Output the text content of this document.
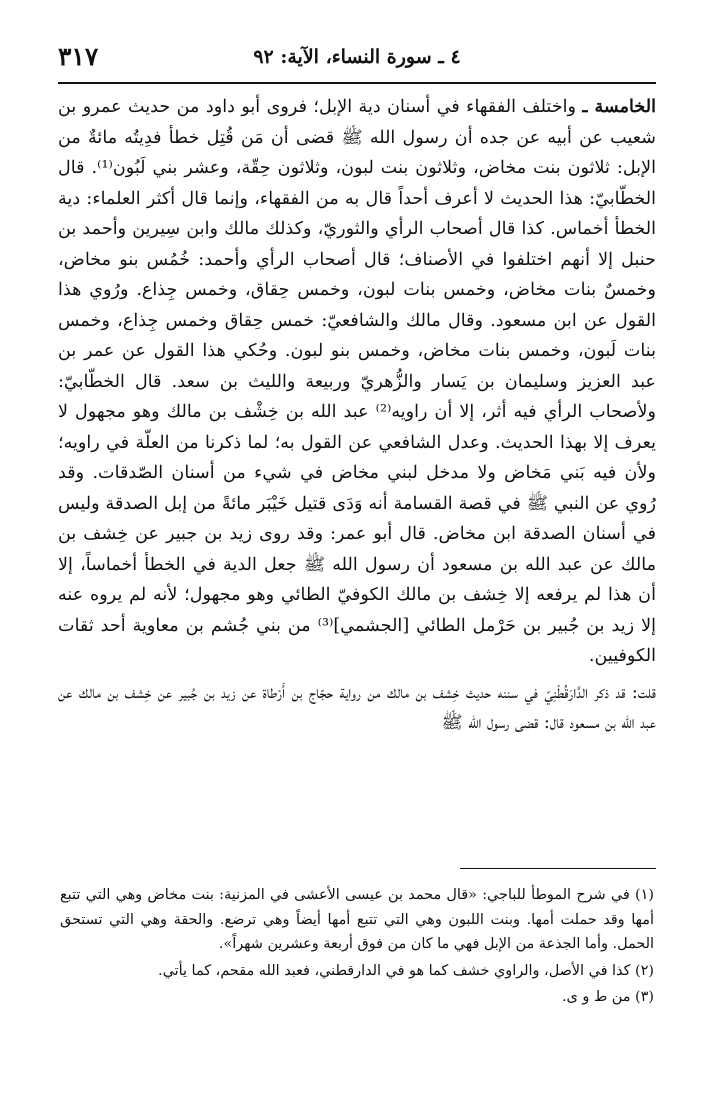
٣١٧	٤ ـ سورة النساء، الآية: ٩٢

الخامسة ـ واختلف الفقهاء في أسنان دية الإبل؛ فروى أبو داود من حديث عمرو بن شعيب عن أبيه عن جده أن رسول الله ﷺ قضى أن مَن قُتِل خطأ فدِيتُه مائةٌ من الإبل: ثلاثون بنت مخاض، وثلاثون بنت لبون، وثلاثون حِقّة، وعشر بني لَبُون⁽¹⁾. قال الخطّابيّ: هذا الحديث لا أعرف أحداً قال به من الفقهاء، وإنما قال أكثر العلماء: دية الخطأ أخماس. كذا قال أصحاب الرأي والثوريّ، وكذلك مالك وابن سِيرين وأحمد بن حنبل إلا أنهم اختلفوا في الأصناف؛ قال أصحاب الرأي وأحمد: خُمُس بنو مخاض، وخمسٌ بنات مخاض، وخمس بنات لبون، وخمس حِقاق، وخمس جِذاع. ورُوي هذا القول عن ابن مسعود. وقال مالك والشافعيّ: خمس حِقاق وخمس جِذاع، وخمس بنات لَبون، وخمس بنات مخاض، وخمس بنو لبون. وحُكي هذا القول عن عمر بن عبد العزيز وسليمان بن يَسار والزُّهريّ وربيعة والليث بن سعد. قال الخطّابيّ: ولأصحاب الرأي فيه أثر، إلا أن راويه⁽²⁾ عبد الله بن خِشْف بن مالك وهو مجهول لا يعرف إلا بهذا الحديث. وعدل الشافعي عن القول به؛ لما ذكرنا من العلّة في راويه؛ ولأن فيه بَني مَخاض ولا مدخل لبني مخاض في شيء من أسنان الصّدقات. وقد رُوي عن النبي ﷺ في قصة القسامة أنه وَدَى قتيل خَيْبَر مائةً من إبل الصدقة وليس في أسنان الصدقة ابن مخاض. قال أبو عمر: وقد روى زيد بن جبير عن خِشف بن مالك عن عبد الله بن مسعود أن رسول الله ﷺ جعل الدية في الخطأ أخماساً، إلا أن هذا لم يرفعه إلا خِشف بن مالك الكوفيّ الطائي وهو مجهول؛ لأنه لم يروه عنه إلا زيد بن جُبير بن حَرْمل الطائي [الجشمي]⁽³⁾ من بني جُشم بن معاوية أحد ثقات الكوفيين.

قلت: قد ذكر الدَّارَقُطْنِيّ في سننه حديث خِشف بن مالك من رواية حجّاج بن أَرْطاة عن زيد بن جُبير عن خِشف بن مالك عن عبد الله بن مسعود قال: قضى رسول الله ﷺ

(١) في شرح الموطأ للباجي: «قال محمد بن عيسى الأعشى في المزنية: بنت مخاض وهي التي تتبع أمها وقد حملت أمها. وبنت اللبون وهي التي تتبع أمها أيضاً وهي ترضع. والحقة وهي التي تستحق الحمل. وأما الجذعة من الإبل فهي ما كان من فوق أربعة وعشرين شهراً».

(٢) كذا في الأصل، والراوي خشف كما هو في الدارقطني، فعبد الله مقحم، كما يأتي.

(٣) من ط و ى.
